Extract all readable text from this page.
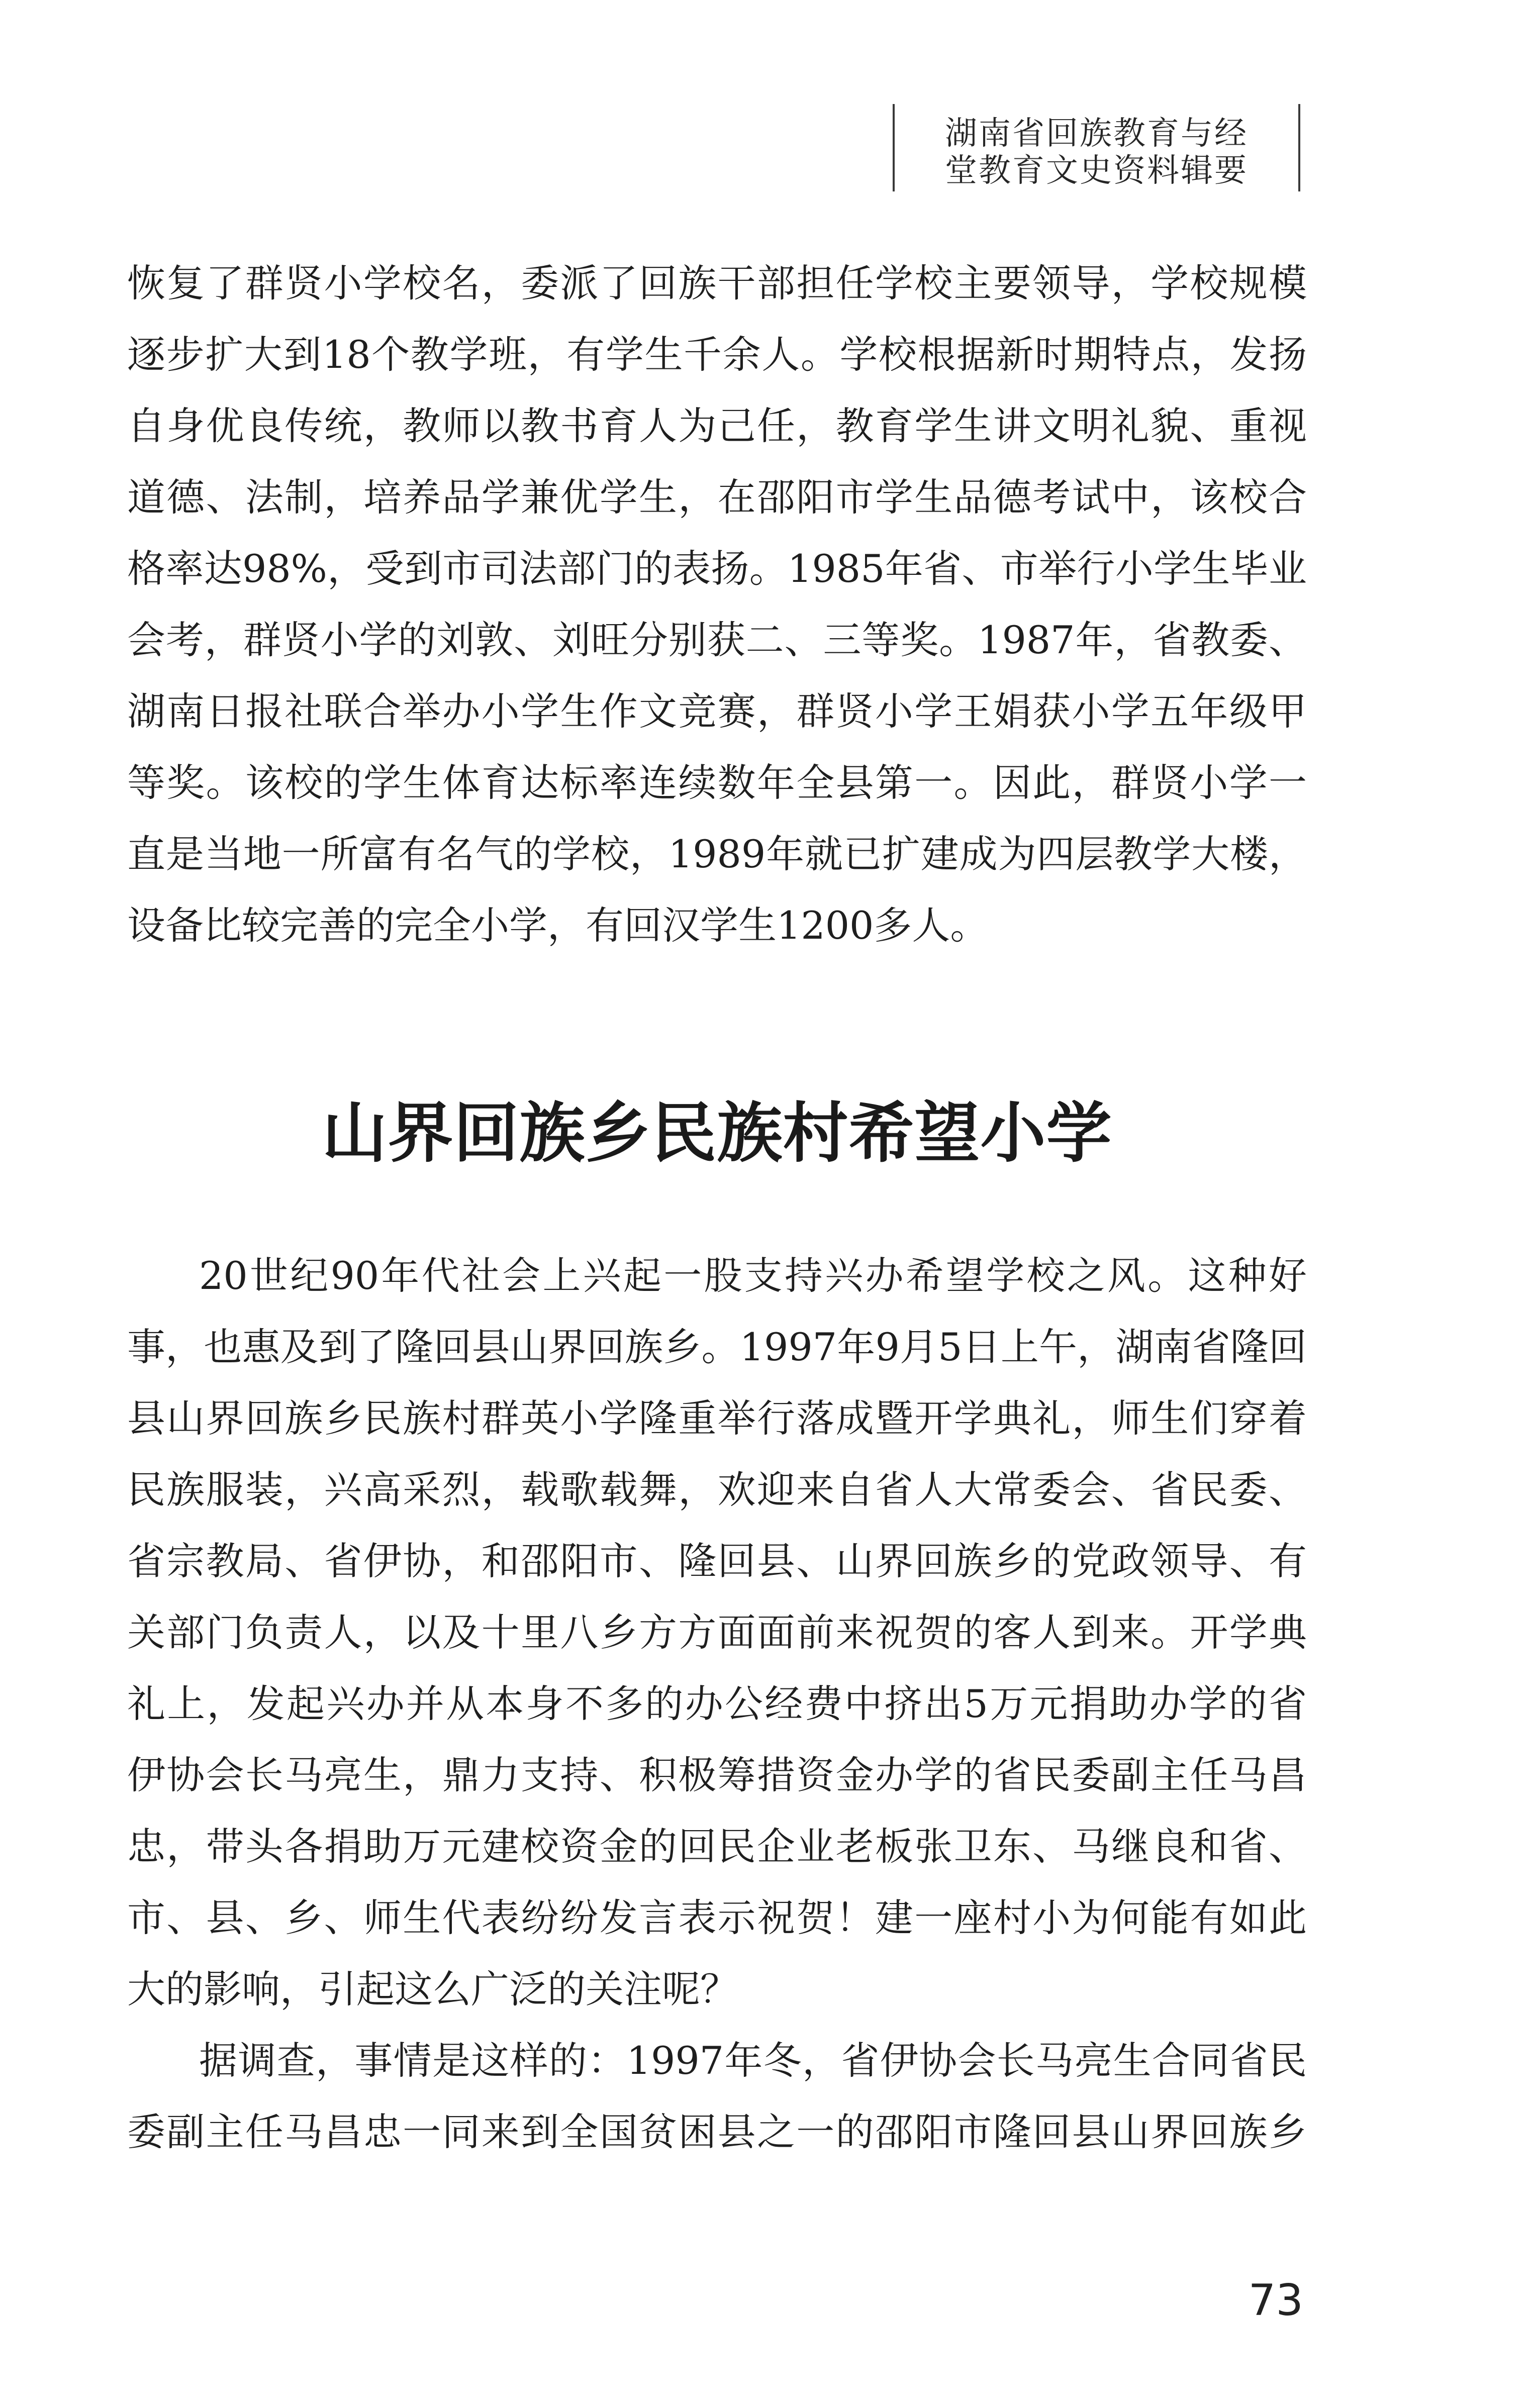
湖南省回族教育与经
堂教育文史资料辑要
恢复了群贤小学校名，委派了回族干部担任学校主要领导，学校规模
逐步扩大到18个教学班，有学生千余人。学校根据新时期特点，发扬
自身优良传统，教师以教书育人为己任，教育学生讲文明礼貌、重视
道德、法制，培养品学兼优学生，在邵阳市学生品德考试中，该校合
格率达98%，受到市司法部门的表扬。1985年省、市举行小学生毕业
会考，群贤小学的刘敦、刘旺分别获二、三等奖。1987年，省教委、
湖南日报社联合举办小学生作文竞赛，群贤小学王娟获小学五年级甲
等奖。该校的学生体育达标率连续数年全县第一。因此，群贤小学一
直是当地一所富有名气的学校，1989年就已扩建成为四层教学大楼，
设备比较完善的完全小学，有回汉学生1200多人。
山界回族乡民族村希望小学
20世纪90年代社会上兴起一股支持兴办希望学校之风。这种好
事，也惠及到了隆回县山界回族乡。1997年9月5日上午，湖南省隆回
县山界回族乡民族村群英小学隆重举行落成暨开学典礼，师生们穿着
民族服装，兴高采烈，载歌载舞，欢迎来自省人大常委会、省民委、
省宗教局、省伊协，和邵阳市、隆回县、山界回族乡的党政领导、有
关部门负责人，以及十里八乡方方面面前来祝贺的客人到来。开学典
礼上，发起兴办并从本身不多的办公经费中挤出5万元捐助办学的省
伊协会长马亮生，鼎力支持、积极筹措资金办学的省民委副主任马昌
忠，带头各捐助万元建校资金的回民企业老板张卫东、马继良和省、
市、县、乡、师生代表纷纷发言表示祝贺！建一座村小为何能有如此
大的影响，引起这么广泛的关注呢？
据调查，事情是这样的：1997年冬，省伊协会长马亮生合同省民
委副主任马昌忠一同来到全国贫困县之一的邵阳市隆回县山界回族乡
73
